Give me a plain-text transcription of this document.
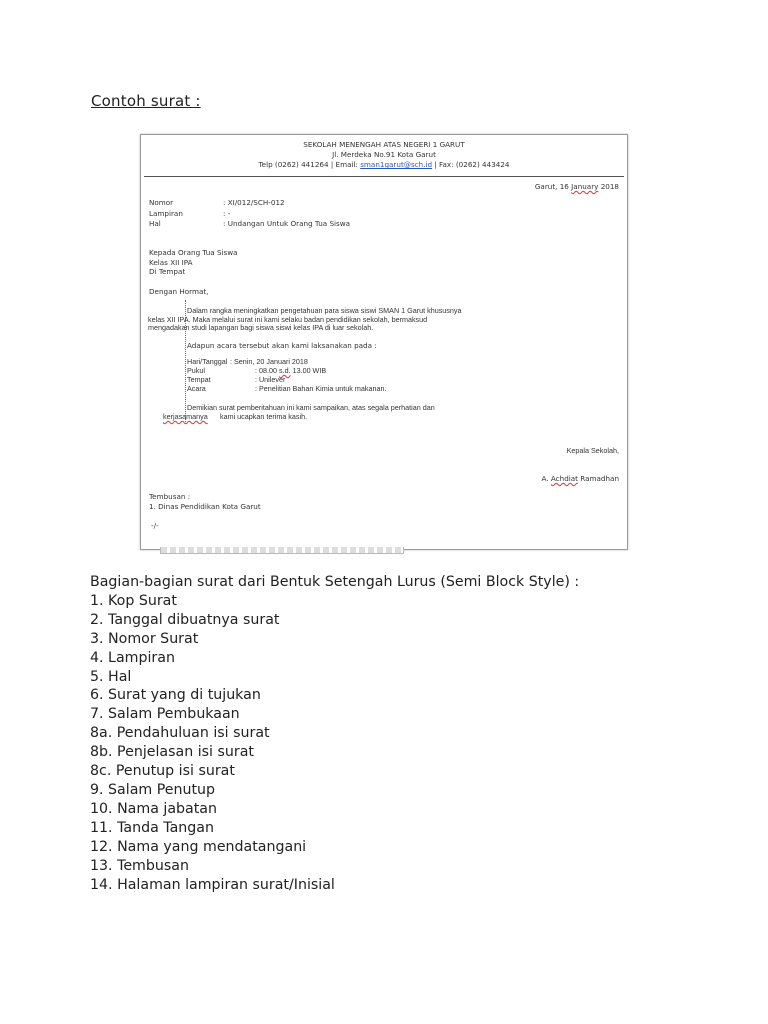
Contoh surat :
SEKOLAH MENENGAH ATAS NEGERI 1 GARUT
Jl. Merdeka No.91 Kota Garut
Telp (0262) 441264 | Email: sman1garut@sch.id | Fax: (0262) 443424
Garut, 16 January 2018
Nomor	: XI/012/SCH-012
Lampiran	: -
Hal	: Undangan Untuk Orang Tua Siswa
Kepada Orang Tua Siswa
Kelas XII IPA
Di Tempat
Dengan Hormat,
Dalam rangka meningkatkan pengetahuan para siswa siswi SMAN 1 Garut khususnya
kelas XII IPA. Maka melalui surat ini kami selaku badan pendidikan sekolah, bermaksud
mengadakan studi lapangan bagi siswa siswi kelas IPA di luar sekolah.
Adapun acara tersebut akan kami laksanakan pada :
Hari/Tanggal : Senin, 20 Januari 2018
Pukul	: 08.00 s.d. 13.00 WIB
Tempat	: Unilever
Acara	: Penelitian Bahan Kimia untuk makanan.
Demikian surat pemberitahuan ini kami sampaikan, atas segala perhatian dan
kerjasamanya kami ucapkan terima kasih.
Kepala Sekolah,
A. Achdiat Ramadhan
Tembusan :
1. Dinas Pendidikan Kota Garut
-/-
Bagian-bagian surat dari Bentuk Setengah Lurus (Semi Block Style) :
1. Kop Surat
2. Tanggal dibuatnya surat
3. Nomor Surat
4. Lampiran
5. Hal
6. Surat yang di tujukan
7. Salam Pembukaan
8a. Pendahuluan isi surat
8b. Penjelasan isi surat
8c. Penutup isi surat
9. Salam Penutup
10. Nama jabatan
11. Tanda Tangan
12. Nama yang mendatangani
13. Tembusan
14. Halaman lampiran surat/Inisial
